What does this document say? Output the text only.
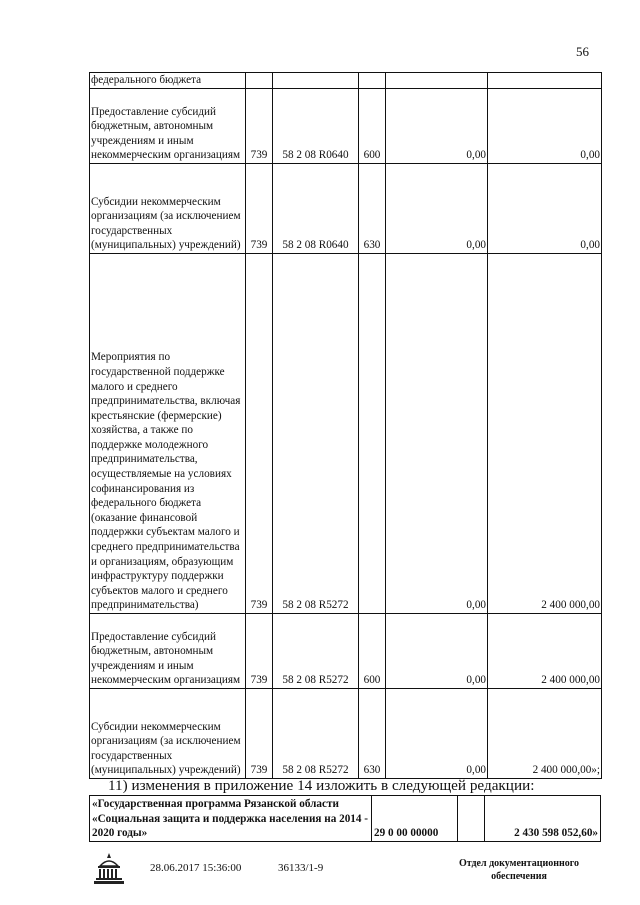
56
федерального бюджета					
Предоставление субсидий бюджетным, автономным учреждениям и иным некоммерческим организациям	739	58 2 08 R0640	600	0,00	0,00
Субсидии некоммерческим организациям (за исключением государственных (муниципальных) учреждений)	739	58 2 08 R0640	630	0,00	0,00
Мероприятия по государственной поддержке малого и среднего предпринимательства, включая крестьянские (фермерские) хозяйства, а также по поддержке молодежного предпринимательства, осуществляемые на условиях софинансирования из федерального бюджета (оказание финансовой поддержки субъектам малого и среднего предпринимательства и организациям, образующим инфраструктуру поддержки субъектов малого и среднего предпринимательства)	739	58 2 08 R5272		0,00	2 400 000,00
Предоставление субсидий бюджетным, автономным учреждениям и иным некоммерческим организациям	739	58 2 08 R5272	600	0,00	2 400 000,00
Субсидии некоммерческим организациям (за исключением государственных (муниципальных) учреждений)	739	58 2 08 R5272	630	0,00	2 400 000,00»;
11) изменения в приложение 14 изложить в следующей редакции:
«Государственная программа Рязанской области «Социальная защита и поддержка населения на 2014 - 2020 годы»	29 0 00 00000		2 430 598 052,60»
28.06.2017 15:36:00	36133/1-9	Отдел документационного
обеспечения
